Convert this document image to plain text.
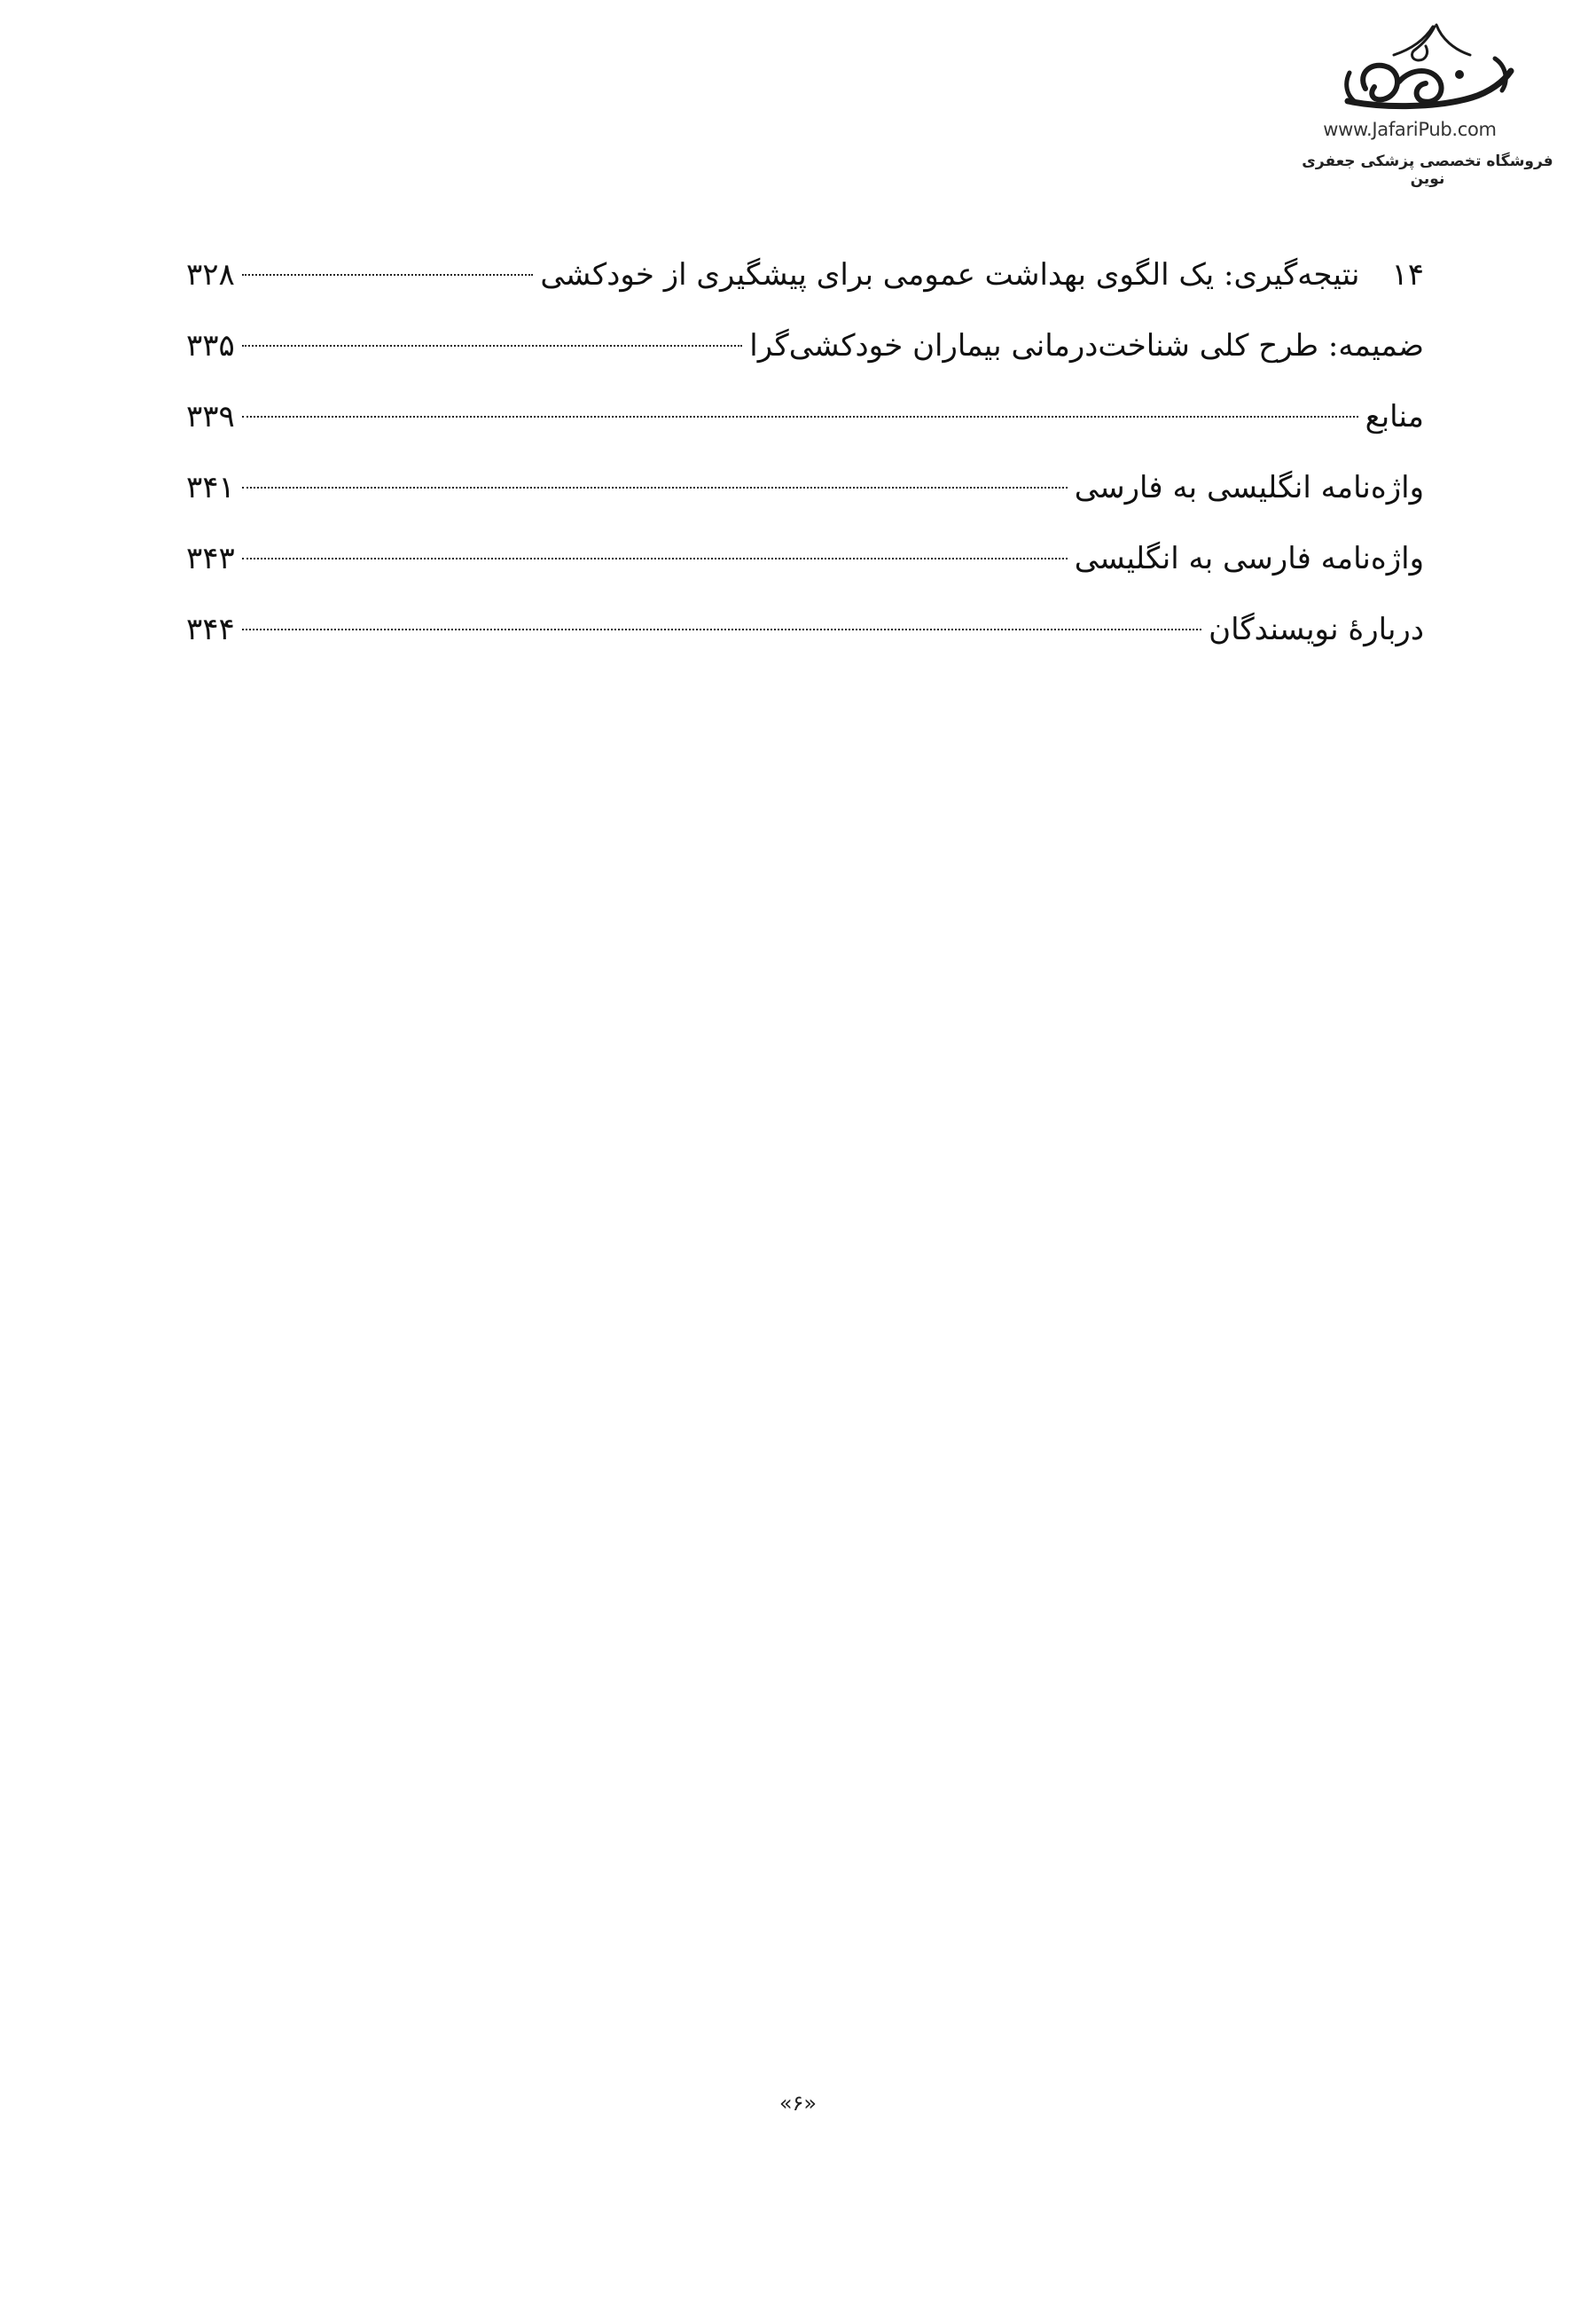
www.JafariPub.com
فروشگاه تخصصی پزشکی جعفری نوین
۱۴نتیجه‌گیری: یک الگوی بهداشت عمومی برای پیشگیری از خودکشی
۳۲۸
ضمیمه: طرح کلی شناخت‌درمانی بیماران خودکشی‌گرا
۳۳۵
منابع
۳۳۹
واژه‌نامه انگلیسی به فارسی
۳۴۱
واژه‌نامه فارسی به انگلیسی
۳۴۳
دربارهٔ نویسندگان
۳۴۴
«۶»
